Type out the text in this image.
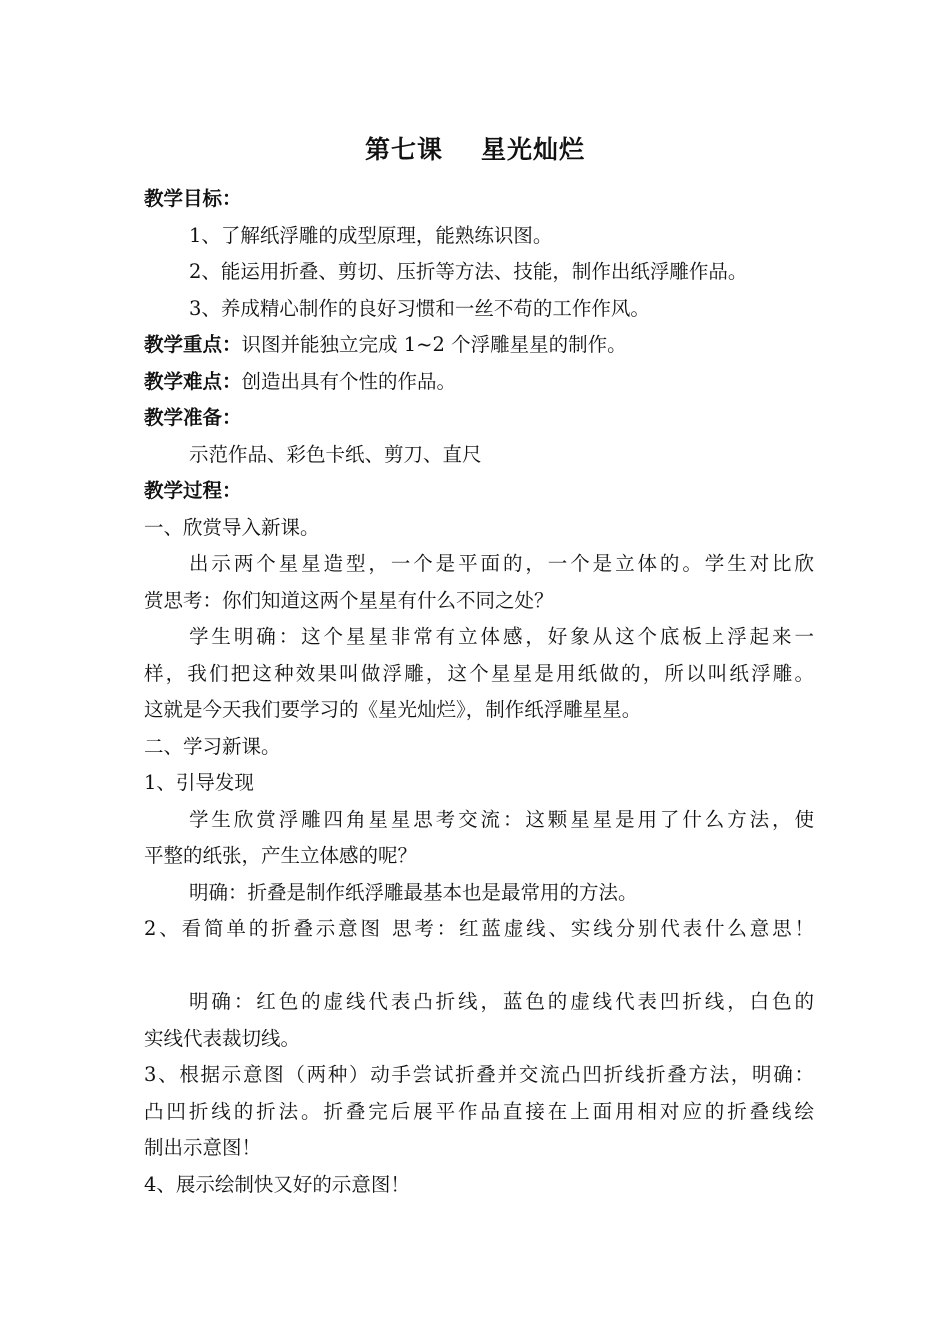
第七课 星光灿烂

教学目标：

1、了解纸浮雕的成型原理，能熟练识图。

2、能运用折叠、剪切、压折等方法、技能，制作出纸浮雕作品。

3、养成精心制作的良好习惯和一丝不苟的工作作风。

教学重点：识图并能独立完成 1~2 个浮雕星星的制作。

教学难点：创造出具有个性的作品。

教学准备：

示范作品、彩色卡纸、剪刀、直尺

教学过程：

一、欣赏导入新课。

出示两个星星造型，一个是平面的，一个是立体的。学生对比欣

赏思考：你们知道这两个星星有什么不同之处？

学生明确：这个星星非常有立体感，好象从这个底板上浮起来一

样，我们把这种效果叫做浮雕，这个星星是用纸做的，所以叫纸浮雕。

这就是今天我们要学习的《星光灿烂》，制作纸浮雕星星。

二、学习新课。

1、引导发现

学生欣赏浮雕四角星星思考交流：这颗星星是用了什么方法，使

平整的纸张，产生立体感的呢？

明确：折叠是制作纸浮雕最基本也是最常用的方法。

2、看简单的折叠示意图 思考：红蓝虚线、实线分别代表什么意思！

明确：红色的虚线代表凸折线，蓝色的虚线代表凹折线，白色的

实线代表裁切线。

3、根据示意图（两种）动手尝试折叠并交流凸凹折线折叠方法，明确：

凸凹折线的折法。折叠完后展平作品直接在上面用相对应的折叠线绘

制出示意图！

4、展示绘制快又好的示意图！
